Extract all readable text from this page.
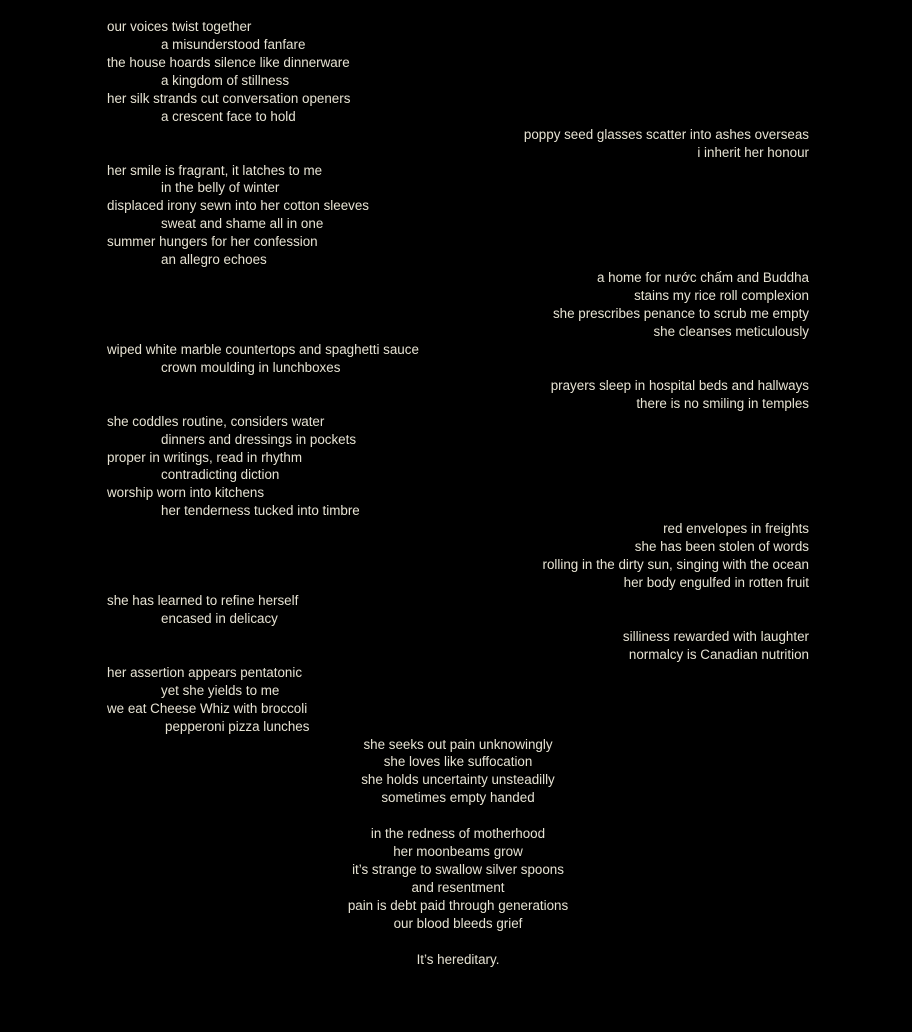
our voices twist together
a misunderstood fanfare
the house hoards silence like dinnerware
a kingdom of stillness
her silk strands cut conversation openers
a crescent face to hold
poppy seed glasses scatter into ashes overseas
i inherit her honour
her smile is fragrant, it latches to me
in the belly of winter
displaced irony sewn into her cotton sleeves
sweat and shame all in one
summer hungers for her confession
an allegro echoes
a home for nước chấm and Buddha
stains my rice roll complexion
she prescribes penance to scrub me empty
she cleanses meticulously
wiped white marble countertops and spaghetti sauce
crown moulding in lunchboxes
prayers sleep in hospital beds and hallways
there is no smiling in temples
she coddles routine, considers water
dinners and dressings in pockets
proper in writings, read in rhythm
contradicting diction
worship worn into kitchens
her tenderness tucked into timbre
red envelopes in freights
she has been stolen of words
rolling in the dirty sun, singing with the ocean
her body engulfed in rotten fruit
she has learned to refine herself
encased in delicacy
silliness rewarded with laughter
normalcy is Canadian nutrition
her assertion appears pentatonic
yet she yields to me
we eat Cheese Whiz with broccoli
pepperoni pizza lunches
she seeks out pain unknowingly
she loves like suffocation
she holds uncertainty unsteadilly
sometimes empty handed
in the redness of motherhood
her moonbeams grow
it’s strange to swallow silver spoons
and resentment
pain is debt paid through generations
our blood bleeds grief
It’s hereditary.
